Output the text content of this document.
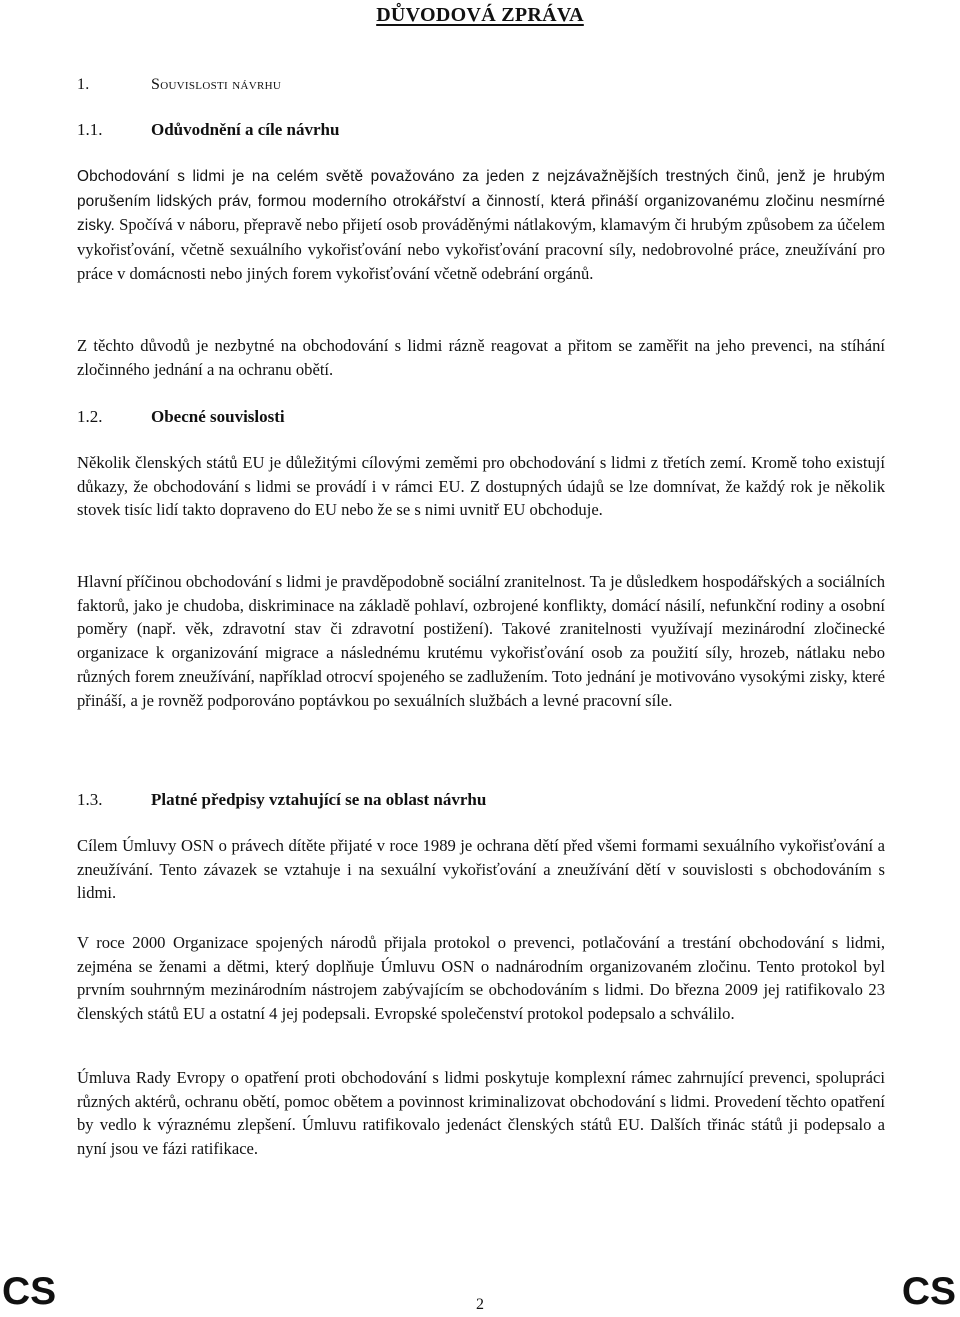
DŮVODOVÁ ZPRÁVA
1.	Souvislosti návrhu
1.1.	Odůvodnění a cíle návrhu
Obchodování s lidmi je na celém světě považováno za jeden z nejzávažnějších trestných činů, jenž je hrubým porušením lidských práv, formou moderního otrokářství a činností, která přináší organizovanému zločinu nesmírné zisky. Spočívá v náboru, přepravě nebo přijetí osob prováděnými nátlakovým, klamavým či hrubým způsobem za účelem vykořisťování, včetně sexuálního vykořisťování nebo vykořisťování pracovní síly, nedobrovolné práce, zneužívání pro práce v domácnosti nebo jiných forem vykořisťování včetně odebrání orgánů.
Z těchto důvodů je nezbytné na obchodování s lidmi rázně reagovat a přitom se zaměřit na jeho prevenci, na stíhání zločinného jednání a na ochranu obětí.
1.2.	Obecné souvislosti
Několik členských států EU je důležitými cílovými zeměmi pro obchodování s lidmi z třetích zemí. Kromě toho existují důkazy, že obchodování s lidmi se provádí i v rámci EU. Z dostupných údajů se lze domnívat, že každý rok je několik stovek tisíc lidí takto dopraveno do EU nebo že se s nimi uvnitř EU obchoduje.
Hlavní příčinou obchodování s lidmi je pravděpodobně sociální zranitelnost. Ta je důsledkem hospodářských a sociálních faktorů, jako je chudoba, diskriminace na základě pohlaví, ozbrojené konflikty, domácí násilí, nefunkční rodiny a osobní poměry (např. věk, zdravotní stav či zdravotní postižení). Takové zranitelnosti využívají mezinárodní zločinecké organizace k organizování migrace a následnému krutému vykořisťování osob za použití síly, hrozeb, nátlaku nebo různých forem zneužívání, například otrocví spojeného se zadlužením. Toto jednání je motivováno vysokými zisky, které přináší, a je rovněž podporováno poptávkou po sexuálních službách a levné pracovní síle.
1.3.	Platné předpisy vztahující se na oblast návrhu
Cílem Úmluvy OSN o právech dítěte přijaté v roce 1989 je ochrana dětí před všemi formami sexuálního vykořisťování a zneužívání. Tento závazek se vztahuje i na sexuální vykořisťování a zneužívání dětí v souvislosti s obchodováním s lidmi.
V roce 2000 Organizace spojených národů přijala protokol o prevenci, potlačování a trestání obchodování s lidmi, zejména se ženami a dětmi, který doplňuje Úmluvu OSN o nadnárodním organizovaném zločinu. Tento protokol byl prvním souhrnným mezinárodním nástrojem zabývajícím se obchodováním s lidmi. Do března 2009 jej ratifikovalo 23 členských států EU a ostatní 4 jej podepsali. Evropské společenství protokol podepsalo a schválilo.
Úmluva Rady Evropy o opatření proti obchodování s lidmi poskytuje komplexní rámec zahrnující prevenci, spolupráci různých aktérů, ochranu obětí, pomoc obětem a povinnost kriminalizovat obchodování s lidmi. Provedení těchto opatření by vedlo k výraznému zlepšení. Úmluvu ratifikovalo jedenáct členských států EU. Dalších třinác států ji podepsalo a nyní jsou ve fázi ratifikace.
CS	2	CS
